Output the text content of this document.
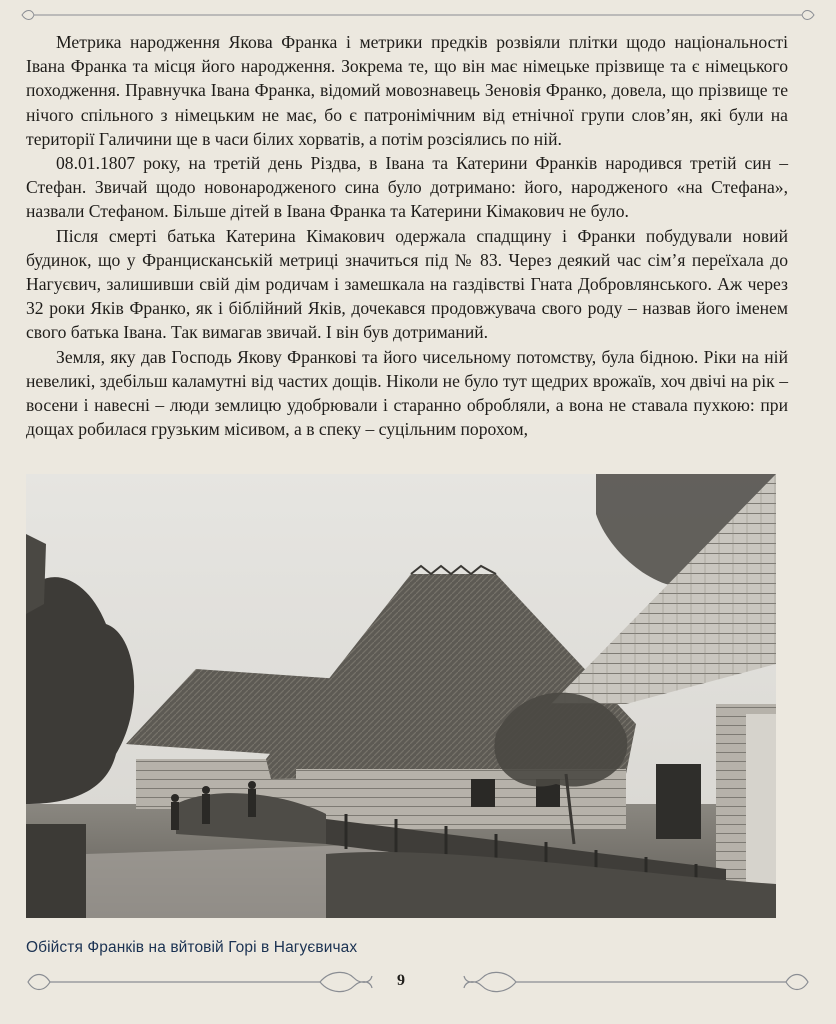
Метрика народження Якова Франка і метрики предків розвіяли плітки щодо національності Івана Франка та місця його народження. Зокрема те, що він має німецьке прізвище та є німецького походження. Правнучка Івана Франка, відомий мовознавець Зеновія Франко, довела, що прізвище те нічого спільного з німецьким не має, бо є патронімічним від етнічної групи слов’ян, які були на території Галичини ще в часи білих хорватів, а потім розсіялись по ній.

08.01.1807 року, на третій день Різдва, в Івана та Катерини Франків народився третій син – Стефан. Звичай щодо новонародженого сина було дотримано: його, народженого «на Стефана», назвали Стефаном. Більше дітей в Івана Франка та Катерини Кімакович не було.

Після смерті батька Катерина Кімакович одержала спадщину і Франки побудували новий будинок, що у Францисканській метриці значиться під № 83. Через деякий час сім’я переїхала до Нагуєвич, залишивши свій дім родичам і замешкала на газдівстві Гната Добровлянського. Аж через 32 роки Яків Франко, як і біблійний Яків, дочекався продовжувача свого роду – назвав його іменем свого батька Івана. Так вимагав звичай. І він був дотриманий.

Земля, яку дав Господь Якову Франкові та його чисельному потомству, була бідною. Ріки на ній невеликі, здебільш каламутні від частих дощів. Ніколи не було тут щедрих врожаїв, хоч двічі на рік – восени і навесні – люди землицю удобрювали і старанно обробляли, а вона не ставала пухкою: при дощах робилася грузьким місивом, а в спеку – суцільним порохом,

Обійстя Франків на вйтовій Горі в Нагуєвичах
9
